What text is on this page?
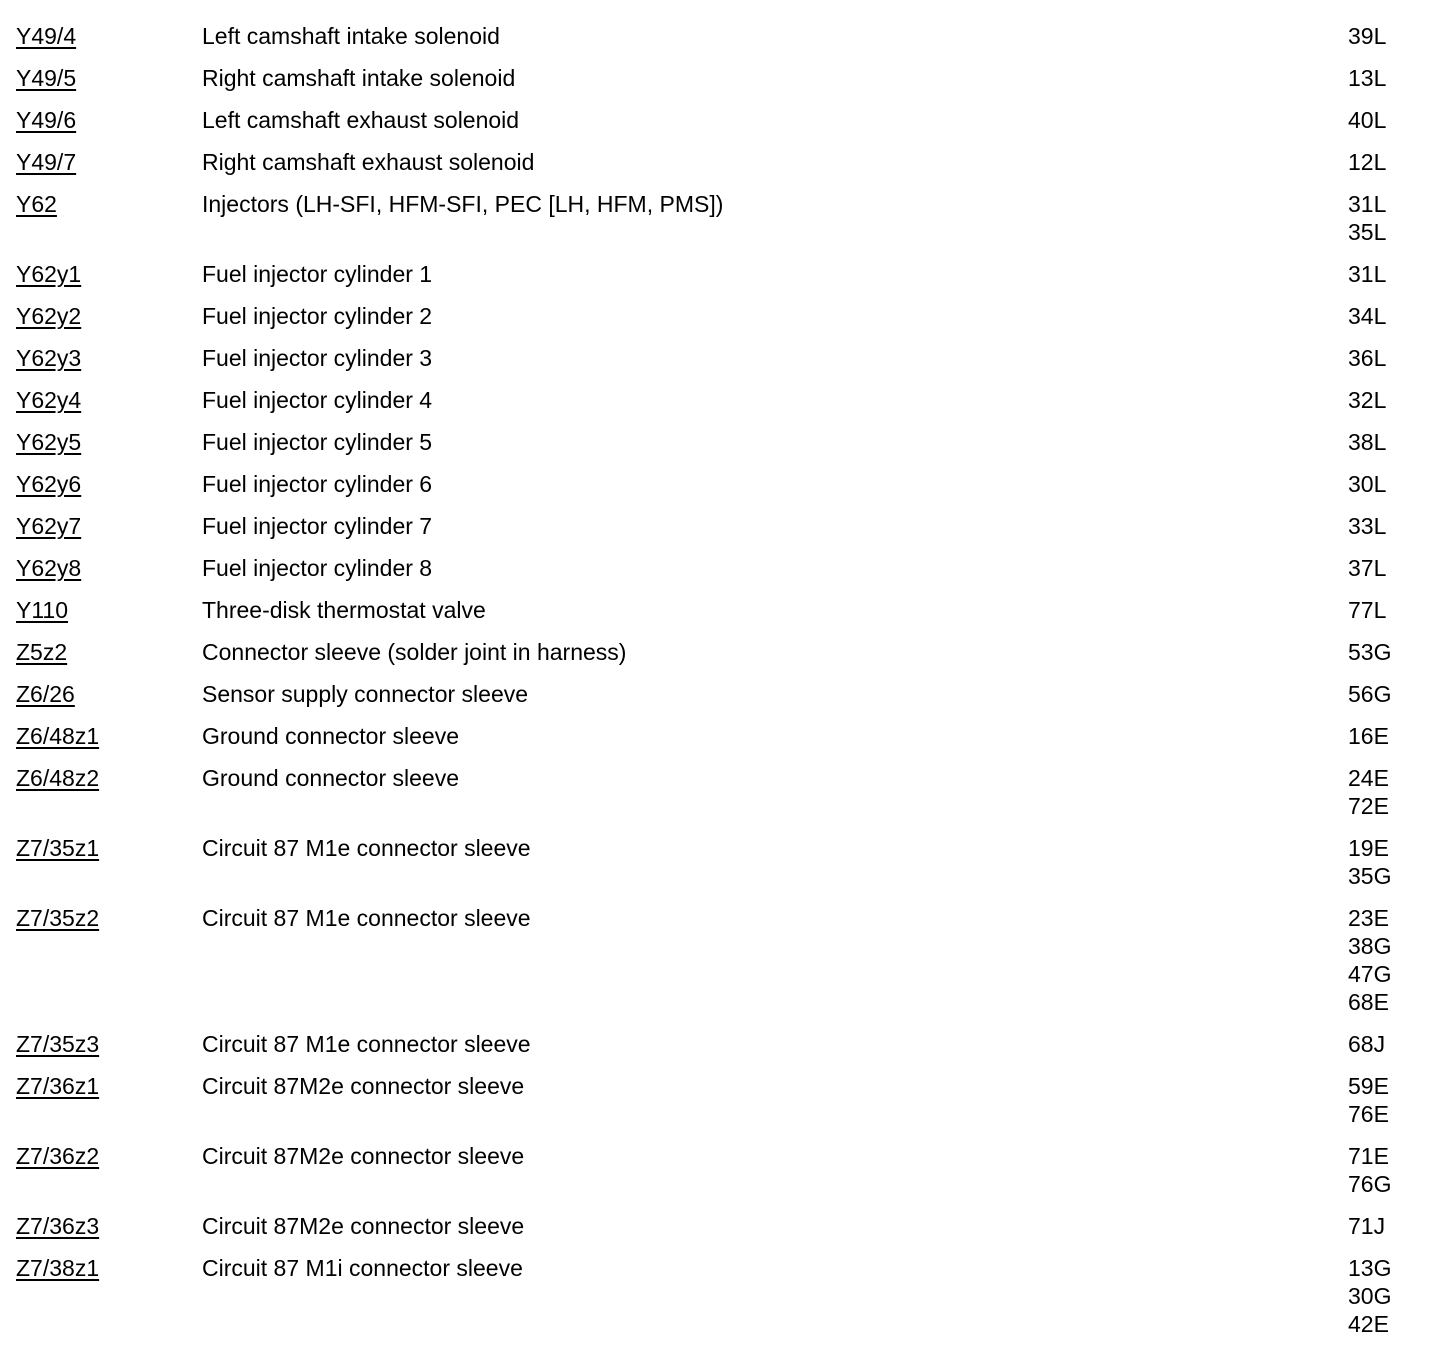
Y49/4	Left camshaft intake solenoid	39L
Y49/5	Right camshaft intake solenoid	13L
Y49/6	Left camshaft exhaust solenoid	40L
Y49/7	Right camshaft exhaust solenoid	12L
Y62	Injectors (LH-SFI, HFM-SFI, PEC [LH, HFM, PMS])	31L
35L
Y62y1	Fuel injector cylinder 1	31L
Y62y2	Fuel injector cylinder 2	34L
Y62y3	Fuel injector cylinder 3	36L
Y62y4	Fuel injector cylinder 4	32L
Y62y5	Fuel injector cylinder 5	38L
Y62y6	Fuel injector cylinder 6	30L
Y62y7	Fuel injector cylinder 7	33L
Y62y8	Fuel injector cylinder 8	37L
Y110	Three-disk thermostat valve	77L
Z5z2	Connector sleeve (solder joint in harness)	53G
Z6/26	Sensor supply connector sleeve	56G
Z6/48z1	Ground connector sleeve	16E
Z6/48z2	Ground connector sleeve	24E
72E
Z7/35z1	Circuit 87 M1e connector sleeve	19E
35G
Z7/35z2	Circuit 87 M1e connector sleeve	23E
38G
47G
68E
Z7/35z3	Circuit 87 M1e connector sleeve	68J
Z7/36z1	Circuit 87M2e connector sleeve	59E
76E
Z7/36z2	Circuit 87M2e connector sleeve	71E
76G
Z7/36z3	Circuit 87M2e connector sleeve	71J
Z7/38z1	Circuit 87 M1i connector sleeve	13G
30G
42E
